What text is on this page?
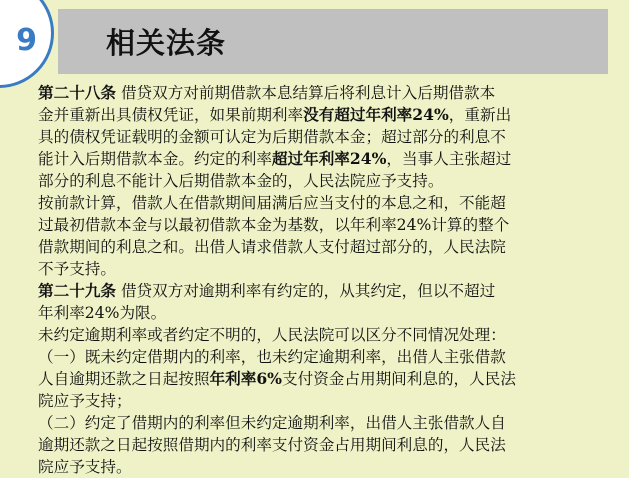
9 相关法条
第二十八条 借贷双方对前期借款本息结算后将利息计入后期借款本
金并重新出具债权凭证，如果前期利率没有超过年利率24%，重新出
具的债权凭证载明的金额可认定为后期借款本金；超过部分的利息不
能计入后期借款本金。约定的利率超过年利率24%，当事人主张超过
部分的利息不能计入后期借款本金的，人民法院应予支持。
按前款计算，借款人在借款期间届满后应当支付的本息之和，不能超
过最初借款本金与以最初借款本金为基数，以年利率24%计算的整个
借款期间的利息之和。出借人请求借款人支付超过部分的，人民法院
不予支持。
第二十九条 借贷双方对逾期利率有约定的，从其约定，但以不超过
年利率24%为限。
未约定逾期利率或者约定不明的，人民法院可以区分不同情况处理：
（一）既未约定借期内的利率，也未约定逾期利率，出借人主张借款
人自逾期还款之日起按照年利率6%支付资金占用期间利息的，人民法
院应予支持；
（二）约定了借期内的利率但未约定逾期利率，出借人主张借款人自
逾期还款之日起按照借期内的利率支付资金占用期间利息的，人民法
院应予支持。
